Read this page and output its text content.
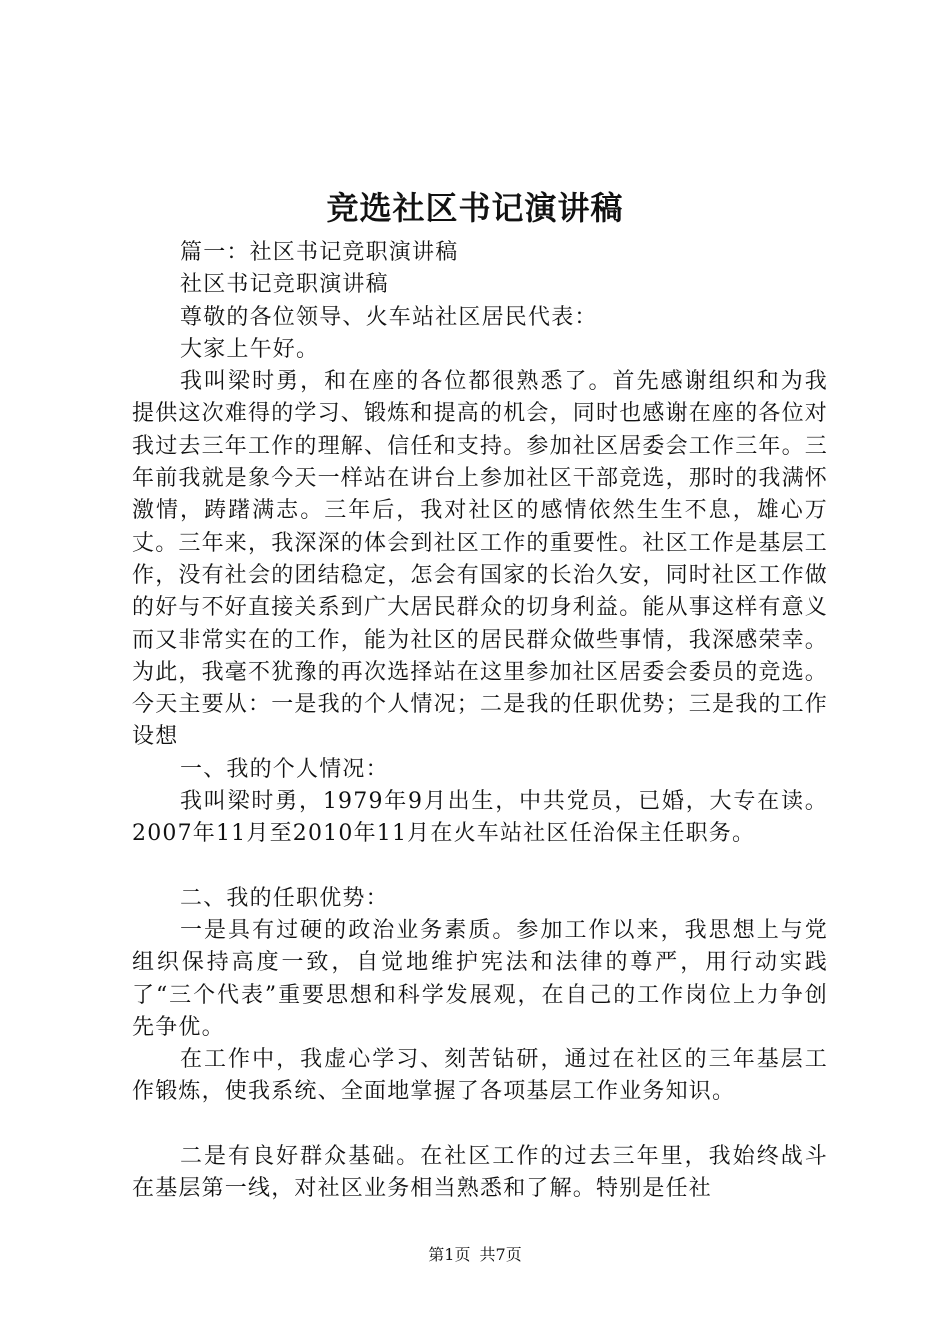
竞选社区书记演讲稿

篇一：社区书记竞职演讲稿

社区书记竞职演讲稿

尊敬的各位领导、火车站社区居民代表：

大家上午好。

我叫梁时勇，和在座的各位都很熟悉了。首先感谢组织和为我提供这次难得的学习、锻炼和提高的机会，同时也感谢在座的各位对我过去三年工作的理解、信任和支持。参加社区居委会工作三年。三年前我就是象今天一样站在讲台上参加社区干部竞选，那时的我满怀激情，踌躇满志。三年后，我对社区的感情依然生生不息，雄心万丈。三年来，我深深的体会到社区工作的重要性。社区工作是基层工作，没有社会的团结稳定，怎会有国家的长治久安，同时社区工作做的好与不好直接关系到广大居民群众的切身利益。能从事这样有意义而又非常实在的工作，能为社区的居民群众做些事情，我深感荣幸。为此，我毫不犹豫的再次选择站在这里参加社区居委会委员的竞选。今天主要从：一是我的个人情况；二是我的任职优势；三是我的工作设想

一、我的个人情况：

我叫梁时勇，1979年9月出生，中共党员，已婚，大专在读。2007年11月至2010年11月在火车站社区任治保主任职务。

二、我的任职优势：

一是具有过硬的政治业务素质。参加工作以来，我思想上与党组织保持高度一致，自觉地维护宪法和法律的尊严，用行动实践了“三个代表”重要思想和科学发展观，在自己的工作岗位上力争创先争优。

在工作中，我虚心学习、刻苦钻研，通过在社区的三年基层工作锻炼，使我系统、全面地掌握了各项基层工作业务知识。

二是有良好群众基础。在社区工作的过去三年里，我始终战斗在基层第一线，对社区业务相当熟悉和了解。特别是任社

第1页 共7页
